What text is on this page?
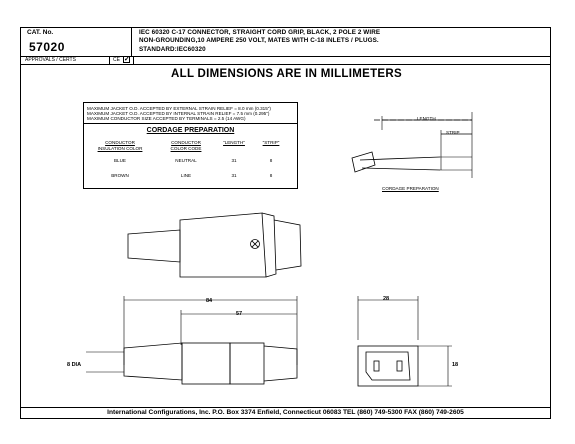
CAT. No.
57020
IEC 60320 C-17 CONNECTOR, STRAIGHT CORD GRIP, BLACK, 2 POLE 2 WIRE
NON-GROUNDING,10 AMPERE 250 VOLT, MATES WITH C-18 INLETS / PLUGS.
STANDARD:IEC60320
APPROVALS / CERTS	CE ✓
ALL DIMENSIONS ARE IN MILLIMETERS
MAXIMUM JACKET O.D. ACCEPTED BY EXTERNAL STRAIN RELIEF = 8.0 mm (0.315")
MAXIMUM JACKET O.D. ACCEPTED BY INTERNAL STRAIN RELIEF = 7.5 mm (0.295")
MAXIMUM CONDUCTOR SIZE ACCEPTED BY TERMINALS = 2.5 (14 AWG)
CORDAGE PREPARATION
CONDUCTOR INSULATION COLOR
CONDUCTOR COLOR CODE
"LENGTH"	"STRIP"
BLUE	NEUTRAL	31	8
BROWN	LINE	31	8
LENGTH
STRIP
CORDAGE PREPARATION
84
57
8 DIA
28
18
International Configurations, Inc. P.O. Box 3374 Enfield, Connecticut 06083 TEL (860) 749-5300 FAX (860) 749-2605
